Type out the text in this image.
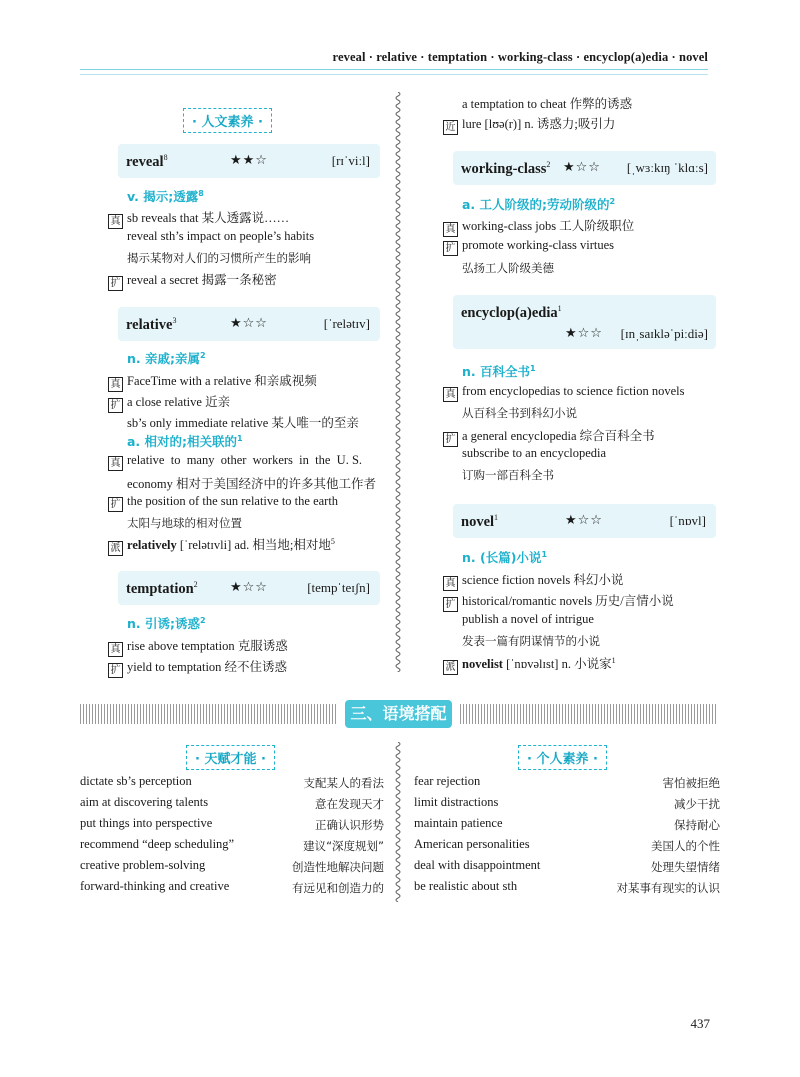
reveal · relative · temptation · working-class · encyclop(a)edia · novel
· 人文素养 ·
reveal$^8$	★★☆	[rɪˈviːl]
v. 揭示;透露$^8$
真 sb reveals that 某人透露说……
reveal sth’s impact on people’s habits
揭示某物对人们的习惯所产生的影响
扩 reveal a secret 揭露一条秘密
relative$^3$	★☆☆	[ˈrelətɪv]
n. 亲戚;亲属$^2$
真 FaceTime with a relative 和亲戚视频
扩 a close relative 近亲
sb’s only immediate relative 某人唯一的至亲
a. 相对的;相关联的$^1$
真 relative  to  many  other  workers  in  the  U. S.
economy 相对于美国经济中的许多其他工作者
扩 the position of the sun relative to the earth
太阳与地球的相对位置
派 relatively [ˈrelətɪvli] ad. 相当地;相对地$^5$
temptation$^2$ ★☆☆	[tempˈteɪʃn]
n. 引诱;诱惑$^2$
真 rise above temptation 克服诱惑
扩 yield to temptation 经不住诱惑
a temptation to cheat 作弊的诱惑
近 lure [lʊə(r)] n. 诱惑力;吸引力
working-class$^2$ ★☆☆ [ˌwɜːkɪŋ ˈklɑːs]
a. 工人阶级的;劳动阶级的$^2$
真 working-class jobs 工人阶级职位
扩 promote working-class virtues
弘扬工人阶级美德
encyclop(a)edia$^1$
★☆☆ [ɪnˌsaɪkləˈpiːdiə]
n. 百科全书$^1$
真 from encyclopedias to science fiction novels
从百科全书到科幻小说
扩 a general encyclopedia 综合百科全书
subscribe to an encyclopedia
订购一部百科全书
novel$^1$	★☆☆	[ˈnɒvl]
n. (长篇)小说$^1$
真 science fiction novels 科幻小说
扩 historical/romantic novels 历史/言情小说
publish a novel of intrigue
发表一篇有阴谋情节的小说
派 novelist [ˈnɒvəlɪst] n. 小说家$^1$
三、语境搭配
· 天赋才能 ·	· 个人素养 ·
dictate sb’s perception	支配某人的看法
aim at discovering talents	意在发现天才
put things into perspective	正确认识形势
recommend “deep scheduling”	建议“深度规划”
creative problem-solving	创造性地解决问题
forward-thinking and creative	有远见和创造力的
fear rejection	害怕被拒绝
limit distractions	减少干扰
maintain patience	保持耐心
American personalities	美国人的个性
deal with disappointment	处理失望情绪
be realistic about sth	对某事有现实的认识
437
